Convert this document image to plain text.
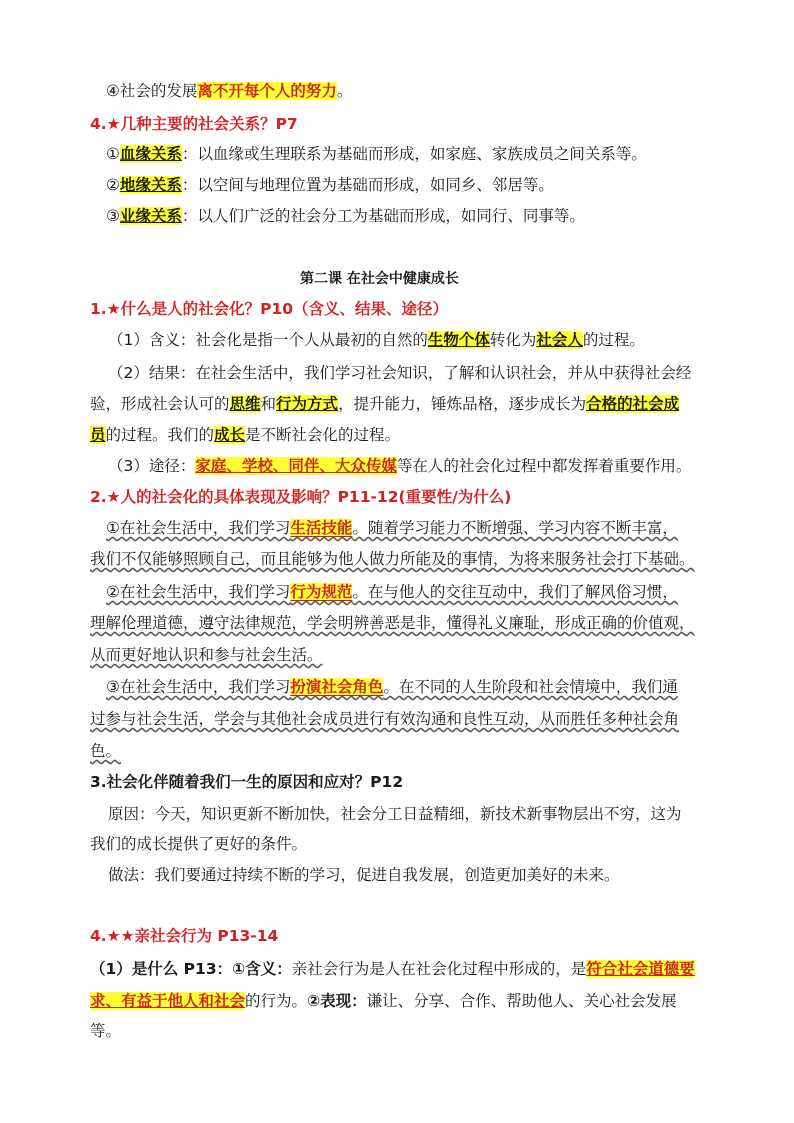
④社会的发展离不开每个人的努力。
4.★几种主要的社会关系？P7
①血缘关系：以血缘或生理联系为基础而形成，如家庭、家族成员之间关系等。
②地缘关系：以空间与地理位置为基础而形成，如同乡、邻居等。
③业缘关系：以人们广泛的社会分工为基础而形成，如同行、同事等。
第二课 在社会中健康成长
1.★什么是人的社会化？P10（含义、结果、途径）
（1）含义：社会化是指一个人从最初的自然的生物个体转化为社会人的过程。
（2）结果：在社会生活中，我们学习社会知识，了解和认识社会，并从中获得社会经
验，形成社会认可的思维和行为方式，提升能力，锤炼品格，逐步成长为合格的社会成
员的过程。我们的成长是不断社会化的过程。
（3）途径：家庭、学校、同伴、大众传媒等在人的社会化过程中都发挥着重要作用。
2.★人的社会化的具体表现及影响？P11-12(重要性/为什么)
①在社会生活中，我们学习生活技能。随着学习能力不断增强、学习内容不断丰富，
我们不仅能够照顾自己，而且能够为他人做力所能及的事情，为将来服务社会打下基础。
②在社会生活中，我们学习行为规范。在与他人的交往互动中，我们了解风俗习惯，
理解伦理道德，遵守法律规范，学会明辨善恶是非，懂得礼义廉耻，形成正确的价值观，
从而更好地认识和参与社会生活。
③在社会生活中，我们学习扮演社会角色。在不同的人生阶段和社会情境中，我们通
过参与社会生活，学会与其他社会成员进行有效沟通和良性互动，从而胜任多种社会角
色。
3.社会化伴随着我们一生的原因和应对？P12
原因：今天，知识更新不断加快，社会分工日益精细，新技术新事物层出不穷，这为
我们的成长提供了更好的条件。
做法：我们要通过持续不断的学习，促进自我发展，创造更加美好的未来。
4.★★亲社会行为 P13-14
（1）是什么 P13：①含义：亲社会行为是人在社会化过程中形成的，是符合社会道德要
求、有益于他人和社会的行为。②表现：谦让、分享、合作、帮助他人、关心社会发展
等。
